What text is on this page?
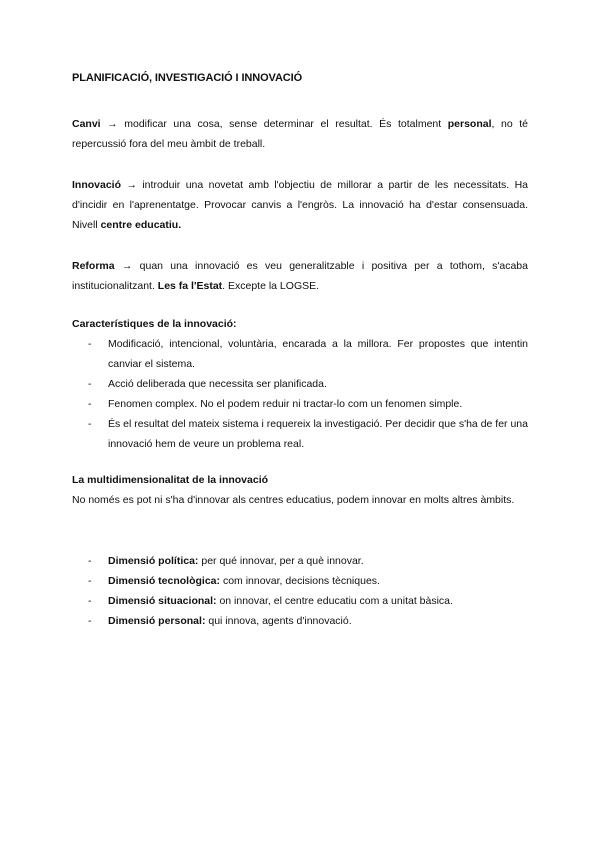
PLANIFICACIÓ, INVESTIGACIÓ I INNOVACIÓ

Canvi → modificar una cosa, sense determinar el resultat. És totalment personal, no té repercussió fora del meu àmbit de treball.

Innovació → introduir una novetat amb l'objectiu de millorar a partir de les necessitats. Ha d'incidir en l'aprenentatge. Provocar canvis a l'engròs. La innovació ha d'estar consensuada. Nivell centre educatiu.

Reforma → quan una innovació es veu generalitzable i positiva per a tothom, s'acaba institucionalitzant. Les fa l'Estat. Excepte la LOGSE.

Característiques de la innovació:
- Modificació, intencional, voluntària, encarada a la millora. Fer propostes que intentin canviar el sistema.
- Acció deliberada que necessita ser planificada.
- Fenomen complex. No el podem reduir ni tractar-lo com un fenomen simple.
- És el resultat del mateix sistema i requereix la investigació. Per decidir que s'ha de fer una innovació hem de veure un problema real.
La multidimensionalitat de la innovació

No només es pot ni s'ha d'innovar als centres educatius, podem innovar en molts altres àmbits.

- Dimensió política: per qué innovar, per a què innovar.
- Dimensió tecnològica: com innovar, decisions tècniques.
- Dimensió situacional: on innovar, el centre educatiu com a unitat bàsica.
- Dimensió personal: qui innova, agents d'innovació.
